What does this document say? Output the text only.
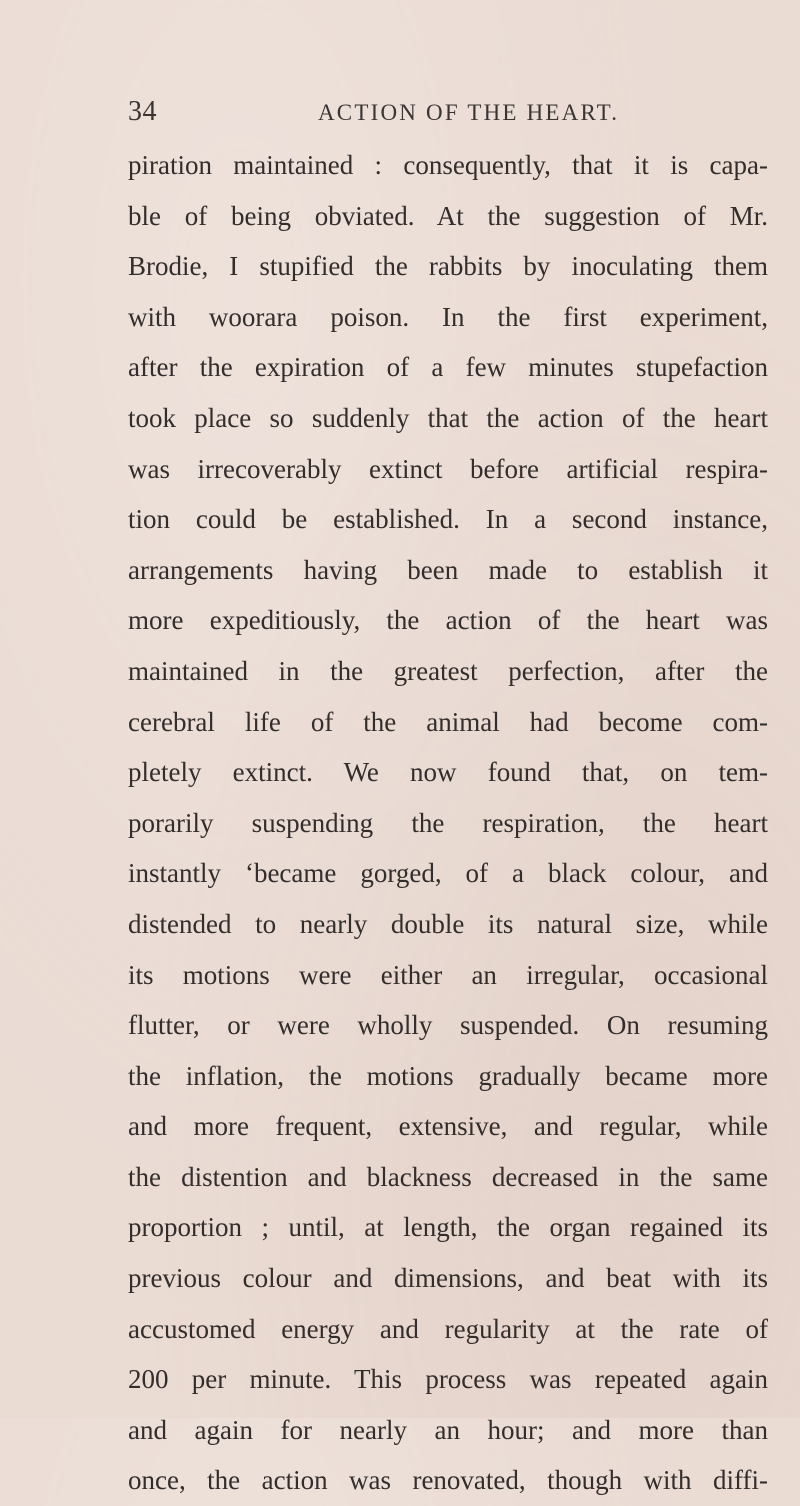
34	ACTION OF THE HEART.
piration maintained : consequently, that it is capa-
ble of being obviated. At the suggestion of Mr.
Brodie, I stupified the rabbits by inoculating them
with woorara poison. In the first experiment,
after the expiration of a few minutes stupefaction
took place so suddenly that the action of the heart
was irrecoverably extinct before artificial respira-
tion could be established. In a second instance,
arrangements having been made to establish it
more expeditiously, the action of the heart was
maintained in the greatest perfection, after the
cerebral life of the animal had become com-
pletely extinct. We now found that, on tem-
porarily suspending the respiration, the heart
instantly ‘became gorged, of a black colour, and
distended to nearly double its natural size, while
its motions were either an irregular, occasional
flutter, or were wholly suspended. On resuming
the inflation, the motions gradually became more
and more frequent, extensive, and regular, while
the distention and blackness decreased in the same
proportion ; until, at length, the organ regained its
previous colour and dimensions, and beat with its
accustomed energy and regularity at the rate of
200 per minute. This process was repeated again
and again for nearly an hour; and more than
once, the action was renovated, though with diffi-
